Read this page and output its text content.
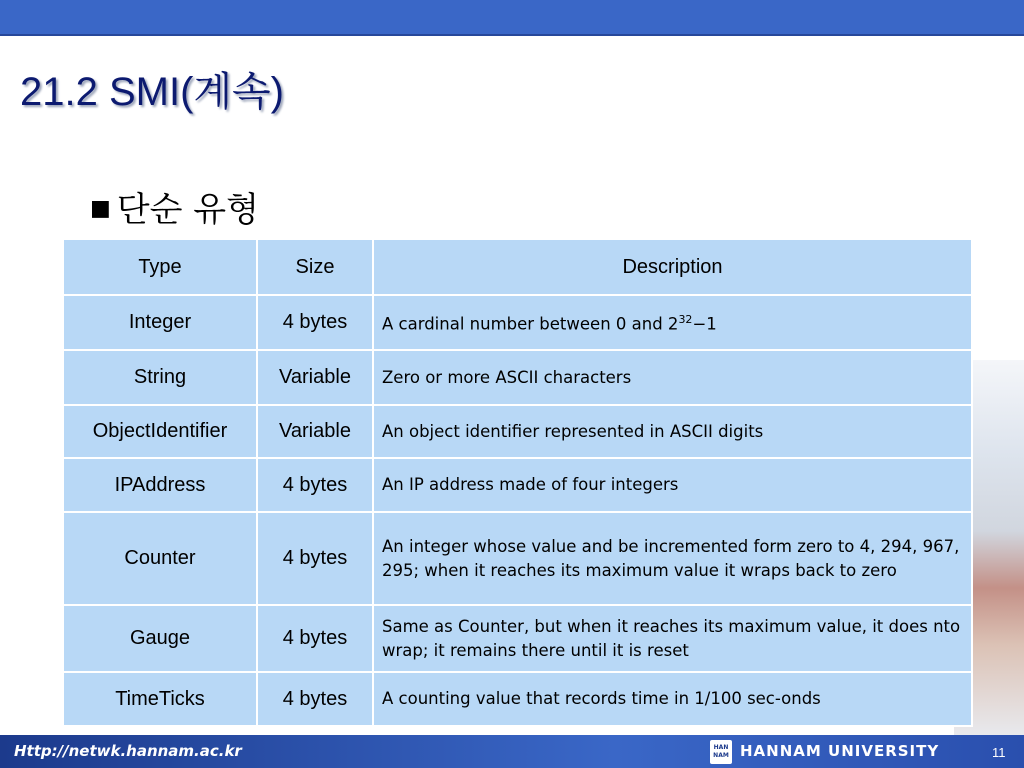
21.2 SMI(계속)
■ 단순 유형
Type	Size	Description
Integer	4 bytes	A cardinal number between 0 and $2^{32}-1$
String	Variable	Zero or more ASCII characters
ObjectIdentifier	Variable	An object identifier represented in ASCII digits
IPAddress	4 bytes	An IP address made of four integers
Counter	4 bytes	An integer whose value and be incremented form zero to 4, 294, 967, 295; when it reaches its maximum value it wraps back to zero
Gauge	4 bytes	Same as Counter, but when it reaches its maximum value, it does nto wrap; it remains there until it is reset
TimeTicks	4 bytes	A counting value that records time in 1/100 sec-onds
Http://netwk.hannam.ac.kr	HAN NAM HANNAM UNIVERSITY	11
